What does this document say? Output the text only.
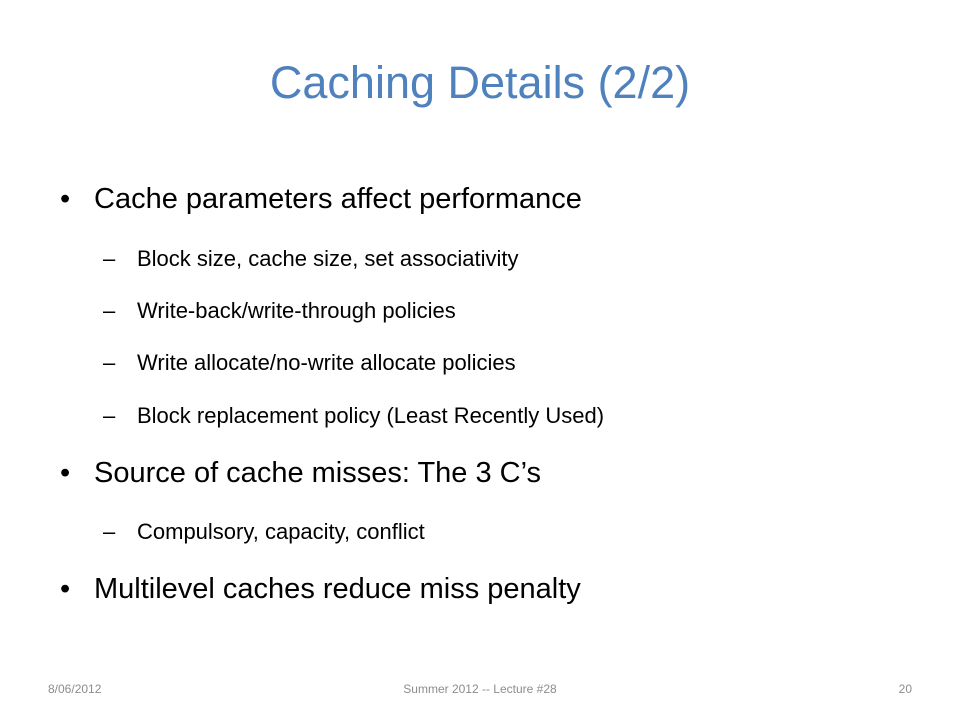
Caching Details (2/2)
• Cache parameters affect performance
– Block size, cache size, set associativity
– Write-back/write-through policies
– Write allocate/no-write allocate policies
– Block replacement policy (Least Recently Used)
• Source of cache misses: The 3 C’s
– Compulsory, capacity, conflict
• Multilevel caches reduce miss penalty
8/06/2012	Summer 2012 -- Lecture #28	20
